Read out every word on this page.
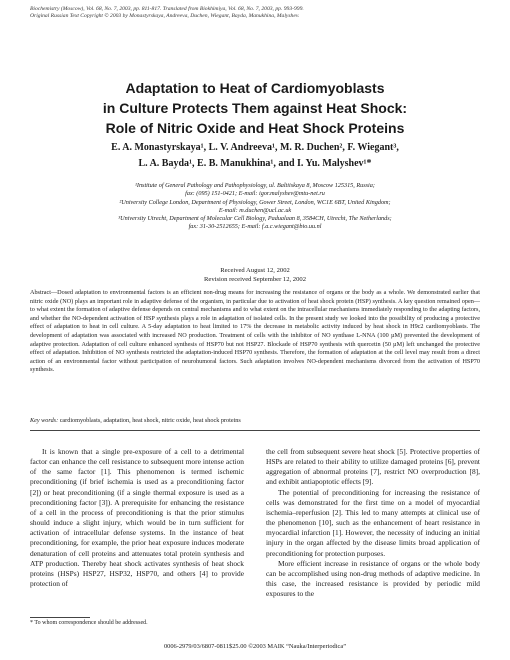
Biochemistry (Moscow), Vol. 68, No. 7, 2003, pp. 811-817. Translated from Biokhimiya, Vol. 68, No. 7, 2003, pp. 993-999.
Original Russian Text Copyright © 2003 by Monastyrskaya, Andreeva, Duchen, Wiegant, Bayda, Manukhina, Malyshev.
Adaptation to Heat of Cardiomyoblasts
in Culture Protects Them against Heat Shock:
Role of Nitric Oxide and Heat Shock Proteins
E. A. Monastyrskaya¹, L. V. Andreeva¹, M. R. Duchen², F. Wiegant³,
L. A. Bayda¹, E. B. Manukhina¹, and I. Yu. Malyshev¹*

¹Institute of General Pathology and Pathophysiology, ul. Baltiiskaya 8, Moscow 125315, Russia;

fax: (095) 151-0421; E-mail: igor.malyshev@mtu-net.ru

²University College London, Department of Physiology, Gower Street, London, WC1E 6BT, United Kingdom;

E-mail: m.duchen@ucl.ac.uk

³University Utrecht, Department of Molecular Cell Biology, Padualaan 8, 3584CH, Utrecht, The Netherlands;

fax: 31-30-2512655; E-mail: f.a.c.wiegant@bio.uu.nl

Received August 12, 2002
Revision received September 12, 2002
Abstract—Dosed adaptation to environmental factors is an efficient non-drug means for increasing the resistance of organs or the body as a whole. We demonstrated earlier that nitric oxide (NO) plays an important role in adaptive defense of the organism, in particular due to activation of heat shock protein (HSP) synthesis. A key question remained open—to what extent the formation of adaptive defense depends on central mechanisms and to what extent on the intracellular mechanisms immediately responding to the adapting factors, and whether the NO-dependent activation of HSP synthesis plays a role in adaptation of isolated cells. In the present study we looked into the possibility of producing a protective effect of adaptation to heat in cell culture. A 5-day adaptation to heat limited to 17% the decrease in metabolic activity induced by heat shock in H9c2 cardiomyoblasts. The development of adaptation was associated with increased NO production. Treatment of cells with the inhibitor of NO synthase L-NNA (100 µM) prevented the development of adaptive protection. Adaptation of cell culture enhanced synthesis of HSP70 but not HSP27. Blockade of HSP70 synthesis with quercetin (50 µM) left unchanged the protective effect of adaptation. Inhibition of NO synthesis restricted the adaptation-induced HSP70 synthesis. Therefore, the formation of adaptation at the cell level may result from a direct action of an environmental factor without participation of neurohumoral factors. Such adaptation involves NO-dependent mechanisms divorced from the activation of HSP70 synthesis.
Key words: cardiomyoblasts, adaptation, heat shock, nitric oxide, heat shock proteins

It is known that a single pre-exposure of a cell to a detrimental factor can enhance the cell resistance to subsequent more intense action of the same factor [1]. This phenomenon is termed ischemic preconditioning (if brief ischemia is used as a preconditioning factor [2]) or heat preconditioning (if a single thermal exposure is used as a preconditioning factor [3]). A prerequisite for enhancing the resistance of a cell in the process of preconditioning is that the prior stimulus should induce a slight injury, which would be in turn sufficient for activation of intracellular defense systems. In the instance of heat preconditioning, for example, the prior heat exposure induces moderate denaturation of cell proteins and attenuates total protein synthesis and ATP production. Thereby heat shock activates synthesis of heat shock proteins (HSPs) HSP27, HSP32, HSP70, and others [4] to provide protection of

the cell from subsequent severe heat shock [5]. Protective properties of HSPs are related to their ability to utilize damaged proteins [6], prevent aggregation of abnormal proteins [7], restrict NO overproduction [8], and exhibit antiapoptotic effects [9].

The potential of preconditioning for increasing the resistance of cells was demonstrated for the first time on a model of myocardial ischemia–reperfusion [2]. This led to many attempts at clinical use of the phenomenon [10], such as the enhancement of heart resistance in myocardial infarction [1]. However, the necessity of inducing an initial injury in the organ affected by the disease limits broad application of preconditioning for protection purposes.

More efficient increase in resistance of organs or the whole body can be accomplished using non-drug methods of adaptive medicine. In this case, the increased resistance is provided by periodic mild exposures to the

* To whom correspondence should be addressed.
0006-2979/03/6807-0811$25.00 ©2003 MAIK “Nauka/Interperiodica”
